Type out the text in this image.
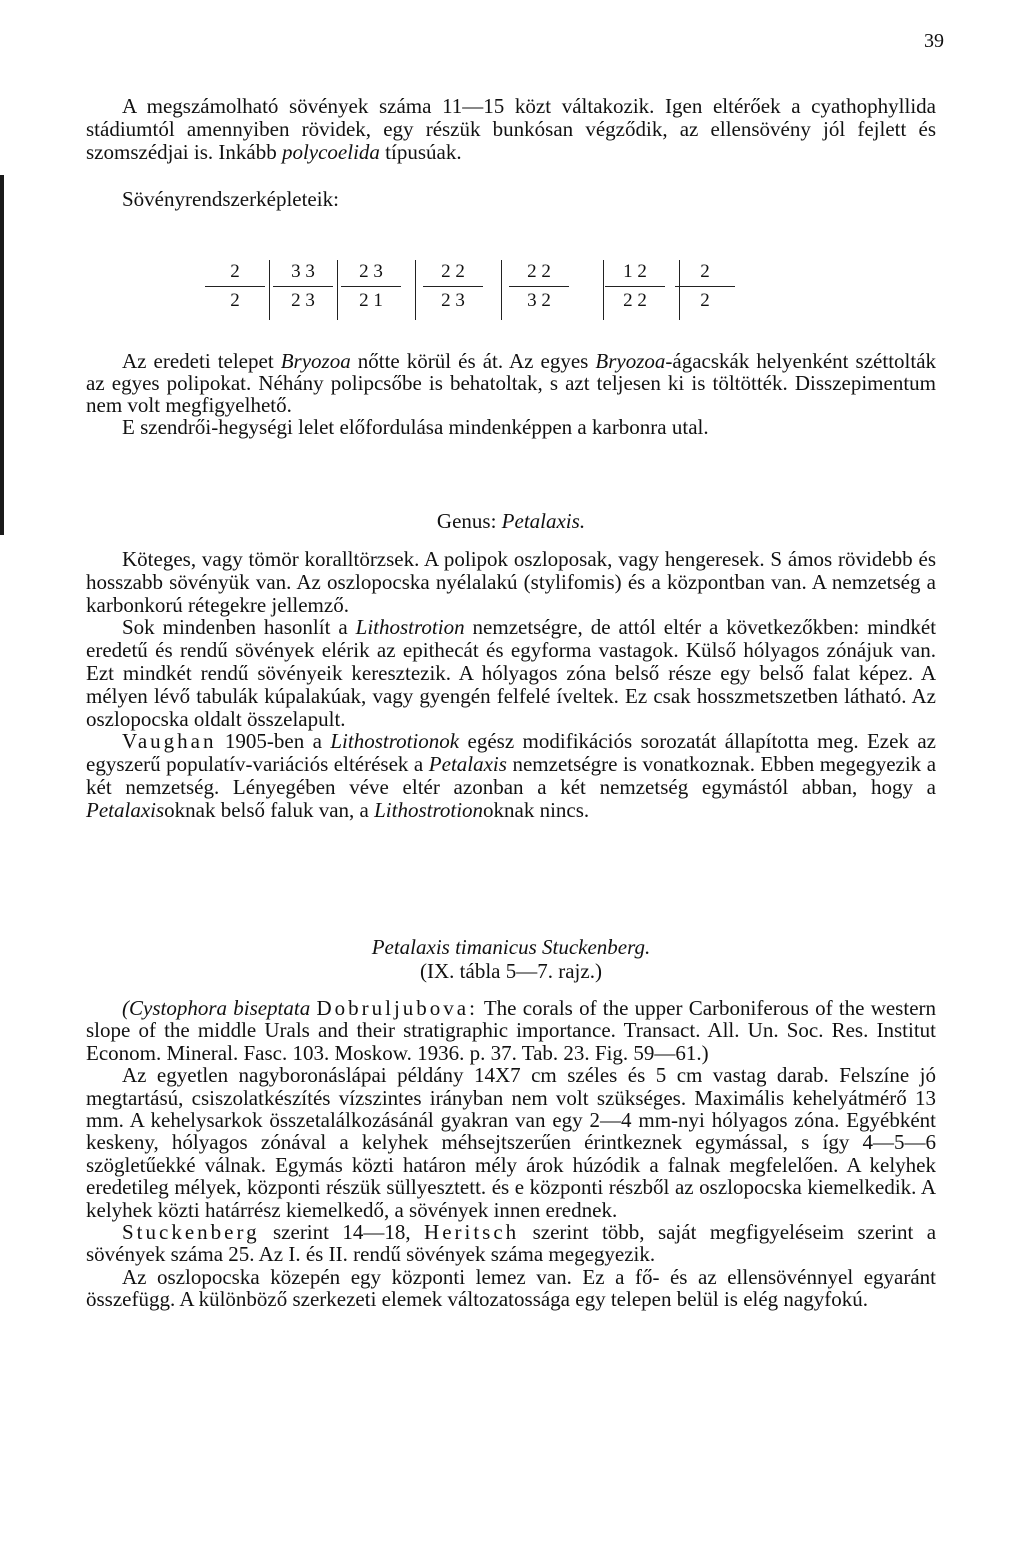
39

A megszámolható sövények száma 11—15 közt váltakozik. Igen eltérőek a cyathophyllida stádiumtól amennyiben rövidek, egy részük bunkósan végződik, az ellensövény jól fejlett és szomszédjai is. Inkább polycoelida típusúak.

Sövényrendszerképleteik:

$\frac{2}{2} \frac{3 3}{2 3} \frac{2 3}{2 1} \frac{2 2}{2 3} \frac{2 2}{3 2} \frac{1 2}{2 2} \frac{2}{2}$

Az eredeti telepet Bryozoa nőtte körül és át. Az egyes Bryozoa-ágacskák helyenként széttolták az egyes polipokat. Néhány polipcsőbe is behatoltak, s azt teljesen ki is töltötték. Disszepimentum nem volt megfigyelhető.

E szendrői-hegységi lelet előfordulása mindenképpen a karbonra utal.

Genus: Petalaxis.

Köteges, vagy tömör koralltörzsek. A polipok oszloposak, vagy hengeresek. S ámos rövidebb és hosszabb sövényük van. Az oszlopocska nyélalakú (stylifomis) és a központban van. A nemzetség a karbonkorú rétegekre jellemző.

Sok mindenben hasonlít a Lithostrotion nemzetségre, de attól eltér a következőkben: mindkét eredetű és rendű sövények elérik az epithecát és egyforma vastagok. Külső hólyagos zónájuk van. Ezt mindkét rendű sövényeik keresztezik. A hólyagos zóna belső része egy belső falat képez. A mélyen lévő tabulák kúpalakúak, vagy gyengén felfelé íveltek. Ez csak hosszmetszetben látható. Az oszlopocska oldalt összelapult.

Vaughan 1905-ben a Lithostrotionok egész modifikációs sorozatát állapította meg. Ezek az egyszerű populatív-variációs eltérések a Petalaxis nemzetségre is vonatkoznak. Ebben megegyezik a két nemzetség. Lényegében véve eltér azonban a két nemzetség egymástól abban, hogy a Petalaxisoknak belső faluk van, a Lithostrotionoknak nincs.

Petalaxis timanicus Stuckenberg.
(IX. tábla 5—7. rajz.)

(Cystophora biseptata Dobruljubova: The corals of the upper Carboniferous of the western slope of the middle Urals and their stratigraphic importance. Transact. All. Un. Soc. Res. Institut Econom. Mineral. Fasc. 103. Moskow. 1936. p. 37. Tab. 23. Fig. 59—61.)

Az egyetlen nagyboronáslápai példány 14X7 cm széles és 5 cm vastag darab. Felszíne jó megtartású, csiszolatkészítés vízszintes irányban nem volt szükséges. Maximális kehelyátmérő 13 mm. A kehelysarkok összetalálkozásánál gyakran van egy 2—4 mm-nyi hólyagos zóna. Egyébként keskeny, hólyagos zónával a kelyhek méhsejtszerűen érintkeznek egymással, s így 4—5—6 szögletűekké válnak. Egymás közti határon mély árok húzódik a falnak megfelelően. A kelyhek eredetileg mélyek, központi részük süllyesztett. és e központi részből az oszlopocska kiemelkedik. A kelyhek közti határrész kiemelkedő, a sövények innen erednek.

Stuckenberg szerint 14—18, Heritsch szerint több, saját megfigyeléseim szerint a sövények száma 25. Az I. és II. rendű sövények száma megegyezik.

Az oszlopocska közepén egy központi lemez van. Ez a fő- és az ellensövénnyel egyaránt összefügg. A különböző szerkezeti elemek változatossága egy telepen belül is elég nagyfokú.
